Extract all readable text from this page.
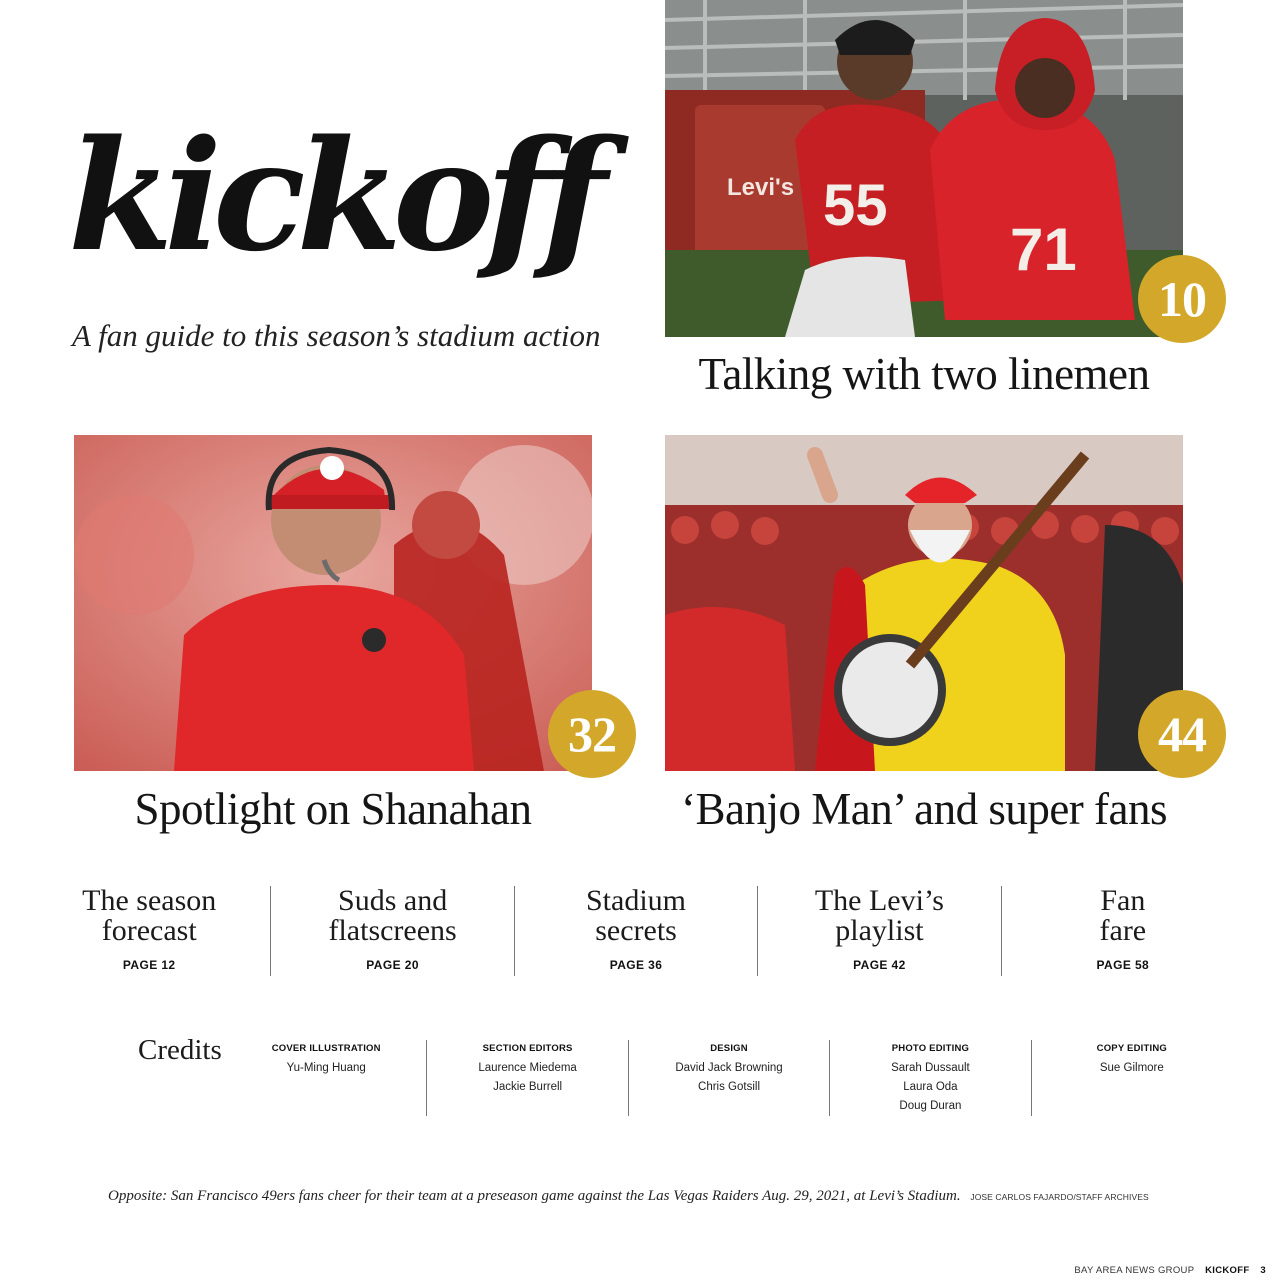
kickoff

A fan guide to this season’s stadium action

Levi's 55
71
10
Talking with two linemen
32
Spotlight on Shanahan
44
‘Banjo Man’ and super fans
The season
forecast
PAGE 12
Suds and
flatscreens
PAGE 20
Stadium
secrets
PAGE 36
The Levi’s
playlist
PAGE 42
Fan
fare
PAGE 58
Credits	COVER ILLUSTRATION
Yu-Ming Huang
SECTION EDITORS
Laurence Miedema
Jackie Burrell
DESIGN
David Jack Browning
Chris Gotsill
PHOTO EDITING
Sarah Dussault
Laura Oda
Doug Duran
COPY EDITING
Sue Gilmore

Opposite: San Francisco 49ers fans cheer for their team at a preseason game against the Las Vegas Raiders Aug. 29, 2021, at Levi’s Stadium. JOSE CARLOS FAJARDO/STAFF ARCHIVES

BAY AREA NEWS GROUP KICKOFF 3
